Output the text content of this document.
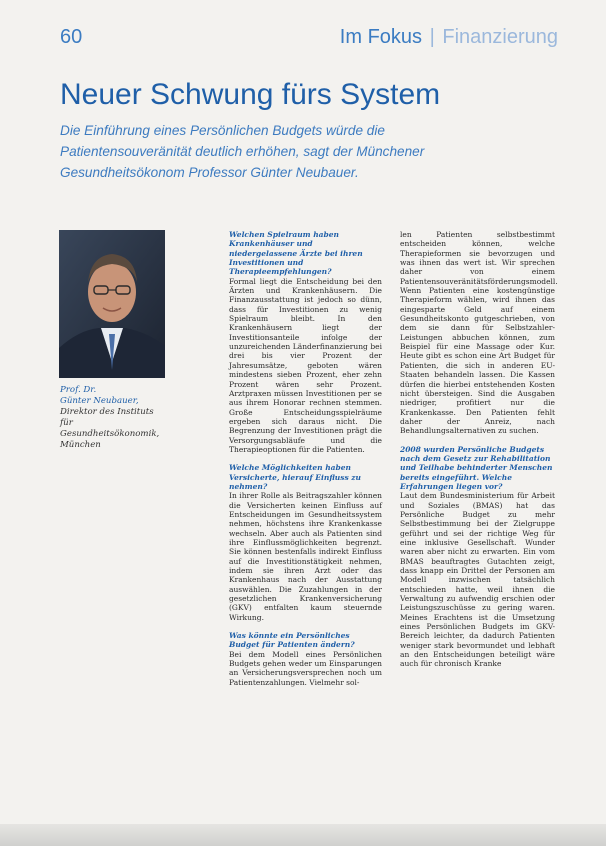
60	Im Fokus | Finanzierung
Neuer Schwung fürs System
Die Einführung eines Persönlichen Budgets würde die Patientensouveränität deutlich erhöhen, sagt der Münchener Gesundheitsökonom Professor Günter Neubauer.
Prof. Dr.
Günter Neubauer,
Direktor des Instituts für Gesundheitsökonomik, München

Welchen Spielraum haben Krankenhäuser und niedergelassene Ärzte bei ihren Investitionen und Therapieempfehlungen?

Formal liegt die Entscheidung bei den Ärzten und Krankenhäusern. Die Finanzausstattung ist jedoch so dünn, dass für Investitionen zu wenig Spielraum bleibt. In den Krankenhäusern liegt der Investitionsanteile infolge der unzureichenden Länderfinanzierung bei drei bis vier Prozent der Jahresumsätze, geboten wären mindestens sieben Prozent, eher zehn Prozent wären sehr Prozent. Arztpraxen müssen Investitionen per se aus ihrem Honorar rechnen stemmen. Große Entscheidungsspielräume ergeben sich daraus nicht. Die Begrenzung der Investitionen prägt die Versorgungsabläufe und die Therapieoptionen für die Patienten.

Welche Möglichkeiten haben Versicherte, hierauf Einfluss zu nehmen?

In ihrer Rolle als Beitragszahler können die Versicherten keinen Einfluss auf Entscheidungen im Gesundheitssystem nehmen, höchstens ihre Krankenkasse wechseln. Aber auch als Patienten sind ihre Einflussmöglichkeiten begrenzt. Sie können bestenfalls indirekt Einfluss auf die Investitionstätigkeit nehmen, indem sie ihren Arzt oder das Krankenhaus nach der Ausstattung auswählen. Die Zuzahlungen in der gesetzlichen Krankenversicherung (GKV) entfalten kaum steuernde Wirkung.

Was könnte ein Persönliches Budget für Patienten ändern?

Bei dem Modell eines Persönlichen Budgets gehen weder um Einsparungen an Versicherungsversprechen noch um Patientenzahlungen. Vielmehr sol-

len Patienten selbstbestimmt entscheiden können, welche Therapieformen sie bevorzugen und was ihnen das wert ist. Wir sprechen daher von einem Patientensouveränitätsförderungsmodell. Wenn Patienten eine kostengünstige Therapieform wählen, wird ihnen das eingesparte Geld auf einem Gesundheitskonto gutgeschrieben, von dem sie dann für Selbstzahler-Leistungen abbuchen können, zum Beispiel für eine Massage oder Kur. Heute gibt es schon eine Art Budget für Patienten, die sich in anderen EU-Staaten behandeln lassen. Die Kassen dürfen die hierbei entstehenden Kosten nicht übersteigen. Sind die Ausgaben niedriger, profitiert nur die Krankenkasse. Den Patienten fehlt daher der Anreiz, nach Behandlungsalternativen zu suchen.

2008 wurden Persönliche Budgets nach dem Gesetz zur Rehabilitation und Teilhabe behinderter Menschen bereits eingeführt. Welche Erfahrungen liegen vor?

Laut dem Bundesministerium für Arbeit und Soziales (BMAS) hat das Persönliche Budget zu mehr Selbstbestimmung bei der Zielgruppe geführt und sei der richtige Weg für eine inklusive Gesellschaft. Wunder waren aber nicht zu erwarten. Ein vom BMAS beauftragtes Gutachten zeigt, dass knapp ein Drittel der Personen am Modell inzwischen tatsächlich entschieden hatte, weil ihnen die Verwaltung zu aufwendig erschien oder Leistungszuschüsse zu gering waren. Meines Erachtens ist die Umsetzung eines Persönlichen Budgets im GKV-Bereich leichter, da dadurch Patienten weniger stark bevormundet und lebhaft an den Entscheidungen beteiligt wäre auch für chronisch Kranke
